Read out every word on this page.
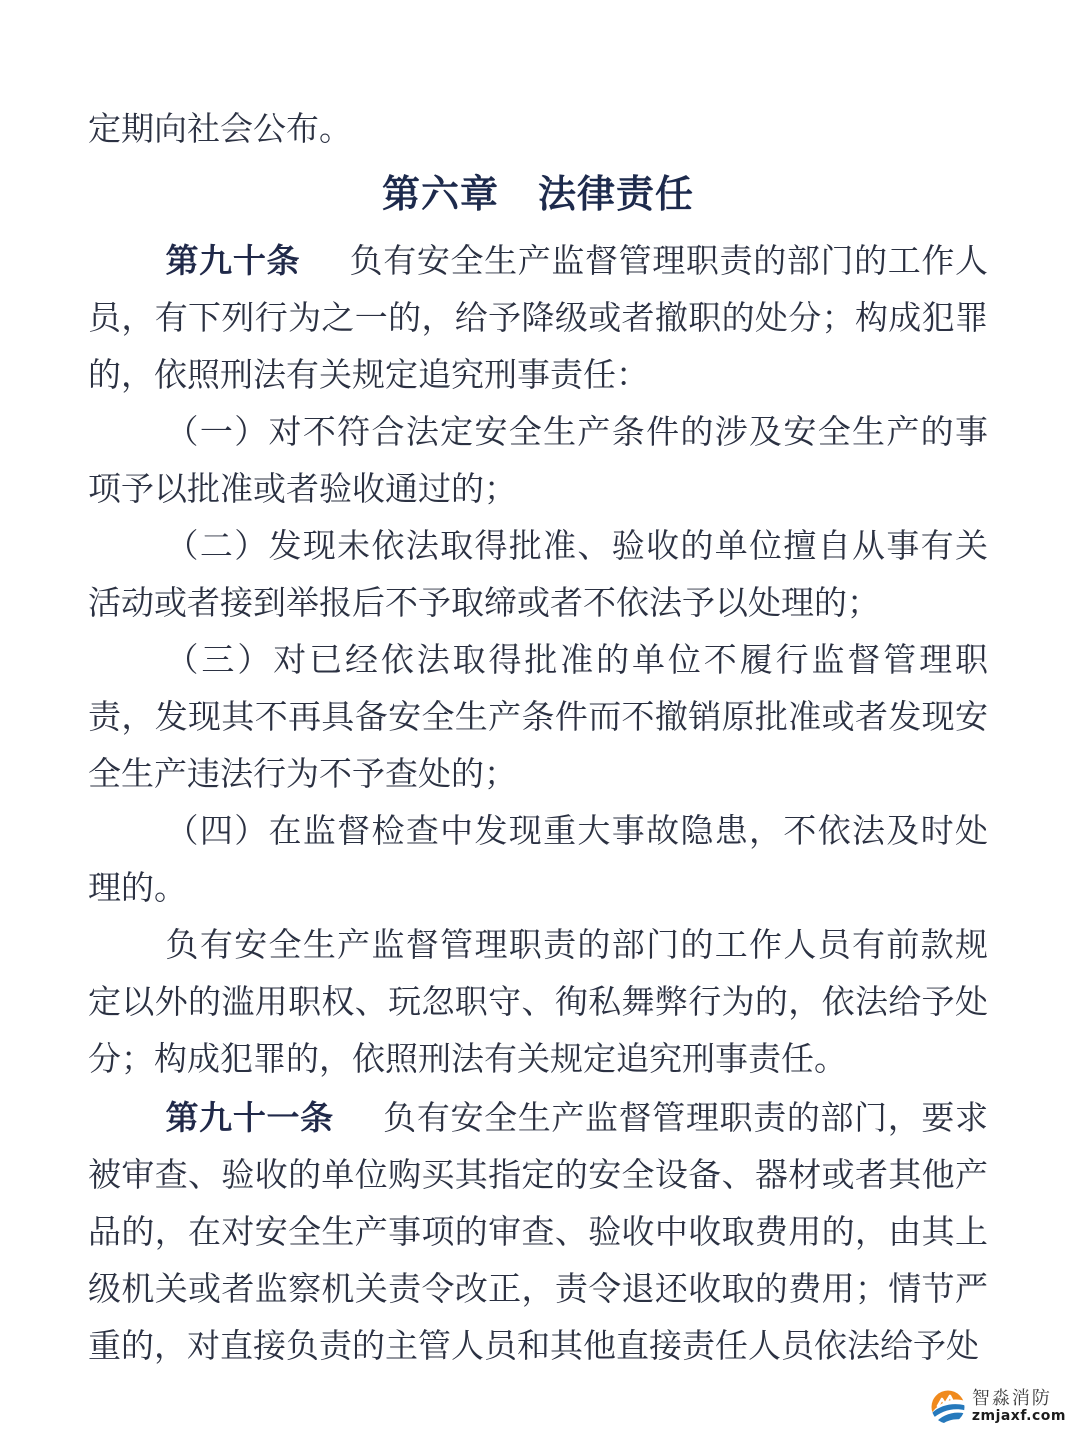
定期向社会公布。

第六章　法律责任

第九十条 负有安全生产监督管理职责的部门的工作人员，有下列行为之一的，给予降级或者撤职的处分；构成犯罪的，依照刑法有关规定追究刑事责任：

（一）对不符合法定安全生产条件的涉及安全生产的事项予以批准或者验收通过的；

（二）发现未依法取得批准、验收的单位擅自从事有关活动或者接到举报后不予取缔或者不依法予以处理的；

（三）对已经依法取得批准的单位不履行监督管理职责，发现其不再具备安全生产条件而不撤销原批准或者发现安全生产违法行为不予查处的；

（四）在监督检查中发现重大事故隐患，不依法及时处理的。

负有安全生产监督管理职责的部门的工作人员有前款规定以外的滥用职权、玩忽职守、徇私舞弊行为的，依法给予处分；构成犯罪的，依照刑法有关规定追究刑事责任。

第九十一条 负有安全生产监督管理职责的部门，要求被审查、验收的单位购买其指定的安全设备、器材或者其他产品的，在对安全生产事项的审查、验收中收取费用的，由其上级机关或者监察机关责令改正，责令退还收取的费用；情节严重的，对直接负责的主管人员和其他直接责任人员依法给予处

智淼消防
zmjaxf.com
